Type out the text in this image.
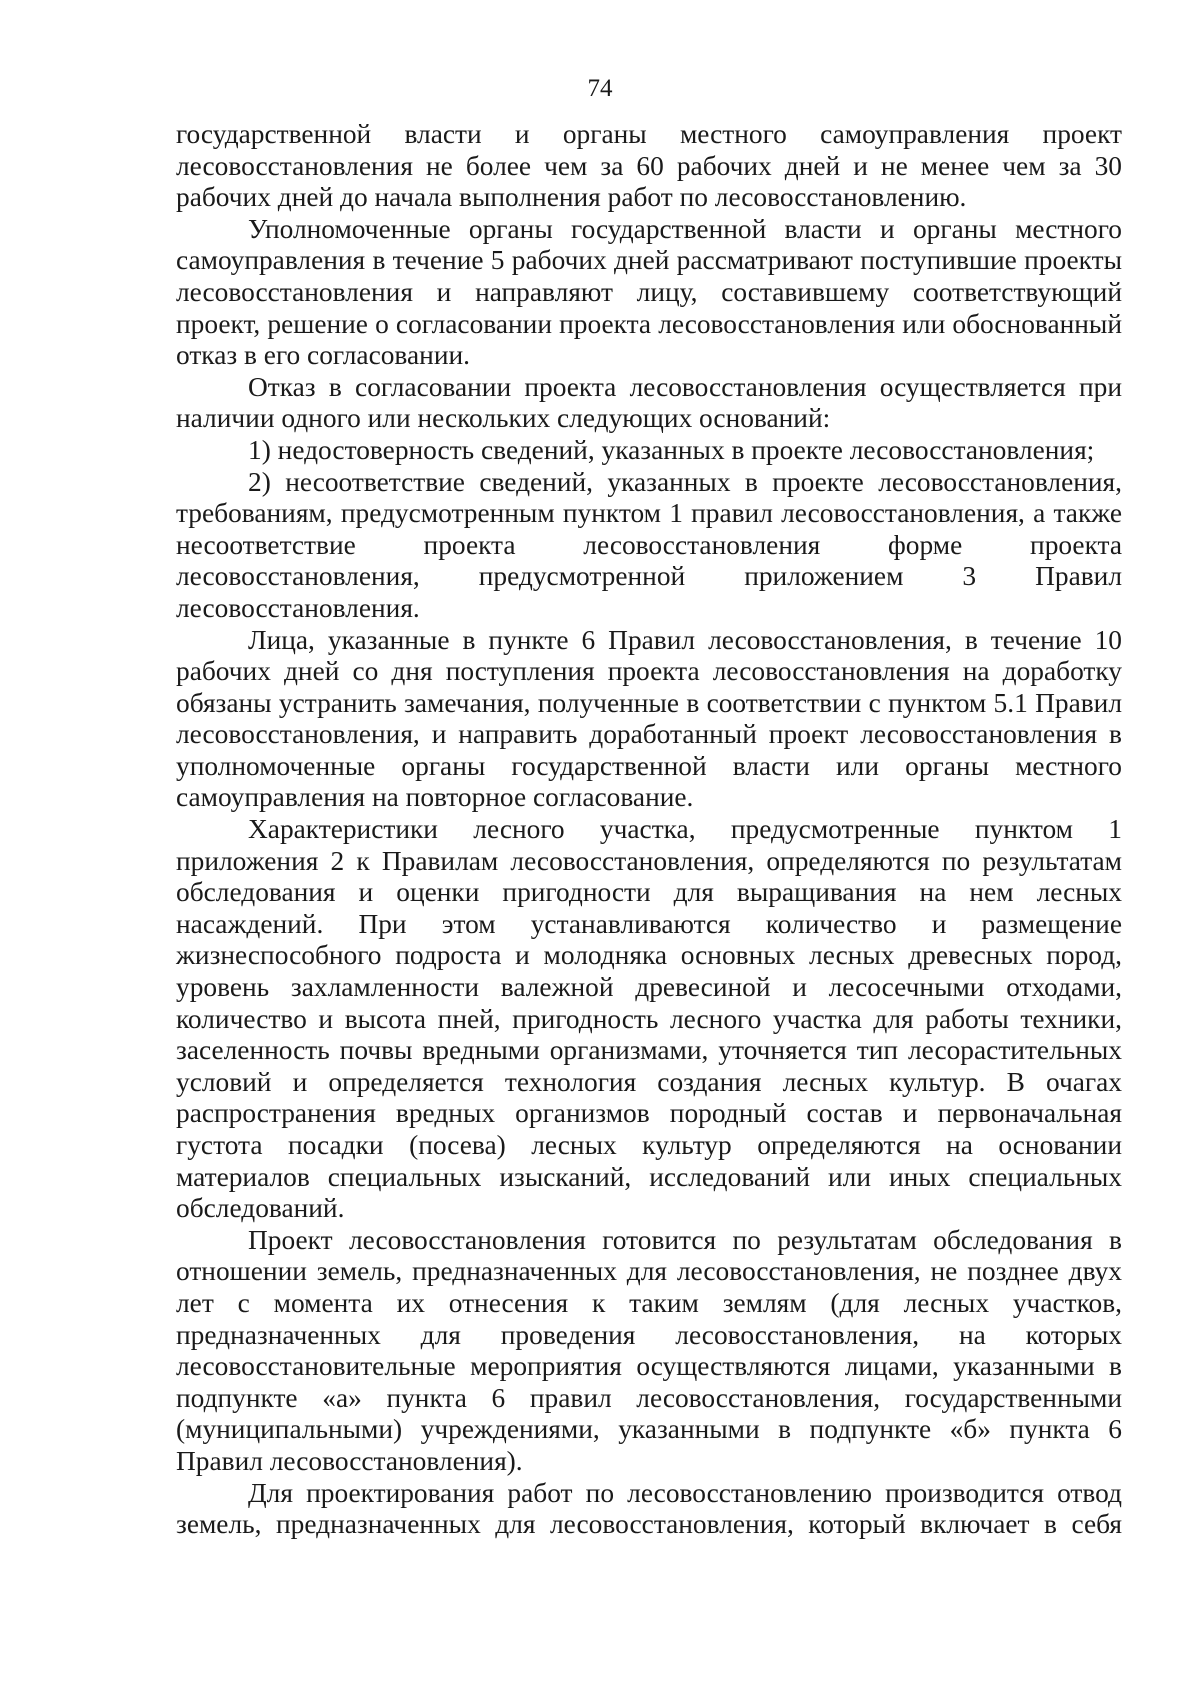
74

государственной власти и органы местного самоуправления проект лесовосстановления не более чем за 60 рабочих дней и не менее чем за 30 рабочих дней до начала выполнения работ по лесовосстановлению.

Уполномоченные органы государственной власти и органы местного самоуправления в течение 5 рабочих дней рассматривают поступившие проекты лесовосстановления и направляют лицу, составившему соответствующий проект, решение о согласовании проекта лесовосстановления или обоснованный отказ в его согласовании.

Отказ в согласовании проекта лесовосстановления осуществляется при наличии одного или нескольких следующих оснований:

1) недостоверность сведений, указанных в проекте лесовосстановления;

2) несоответствие сведений, указанных в проекте лесовосстановления, требованиям, предусмотренным пунктом 1 правил лесовосстановления, а также несоответствие проекта лесовосстановления форме проекта лесовосстановления, предусмотренной приложением 3 Правил лесовосстановления.

Лица, указанные в пункте 6 Правил лесовосстановления, в течение 10 рабочих дней со дня поступления проекта лесовосстановления на доработку обязаны устранить замечания, полученные в соответствии с пунктом 5.1 Правил лесовосстановления, и направить доработанный проект лесовосстановления в уполномоченные органы государственной власти или органы местного самоуправления на повторное согласование.

Характеристики лесного участка, предусмотренные пунктом 1 приложения 2 к Правилам лесовосстановления, определяются по результатам обследования и оценки пригодности для выращивания на нем лесных насаждений. При этом устанавливаются количество и размещение жизнеспособного подроста и молодняка основных лесных древесных пород, уровень захламленности валежной древесиной и лесосечными отходами, количество и высота пней, пригодность лесного участка для работы техники, заселенность почвы вредными организмами, уточняется тип лесорастительных условий и определяется технология создания лесных культур. В очагах распространения вредных организмов породный состав и первоначальная густота посадки (посева) лесных культур определяются на основании материалов специальных изысканий, исследований или иных специальных обследований.

Проект лесовосстановления готовится по результатам обследования в отношении земель, предназначенных для лесовосстановления, не позднее двух лет с момента их отнесения к таким землям (для лесных участков, предназначенных для проведения лесовосстановления, на которых лесовосстановительные мероприятия осуществляются лицами, указанными в подпункте «а» пункта 6 правил лесовосстановления, государственными (муниципальными) учреждениями, указанными в подпункте «б» пункта 6 Правил лесовосстановления).

Для проектирования работ по лесовосстановлению производится отвод земель, предназначенных для лесовосстановления, который включает в себя
